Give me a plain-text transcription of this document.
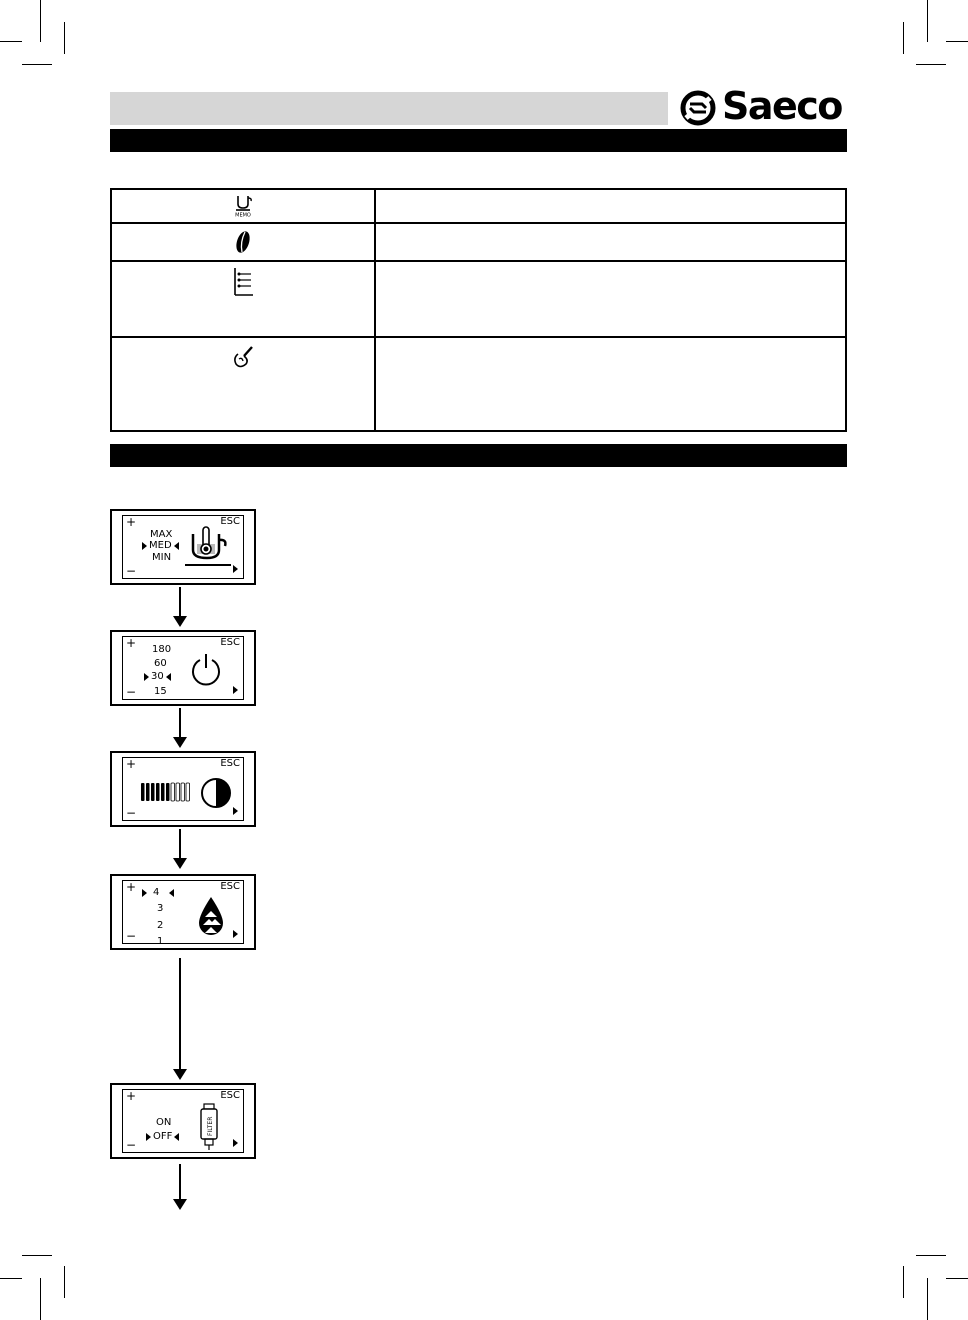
Saeco
MEMO	

+
−
ESC
MAX
MED
MIN
+
−
ESC
180
60
30
15
+
−
ESC
+
−
ESC
4
3
2
1
+
−
ESC
ON
OFF
FILTER
